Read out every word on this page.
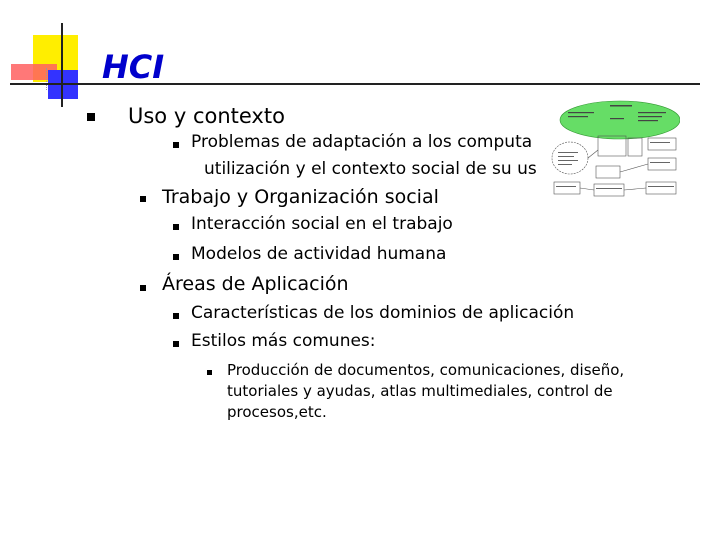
HCI
Uso y contexto
Problemas de adaptación a los computa
utilización y el contexto social de su us
Trabajo y Organización social
Interacción social en el trabajo
Modelos de actividad humana
Áreas de Aplicación
Características de los dominios de aplicación
Estilos más comunes:
Producción de documentos, comunicaciones, diseño,
tutoriales y ayudas, atlas multimediales, control de
procesos,etc.
